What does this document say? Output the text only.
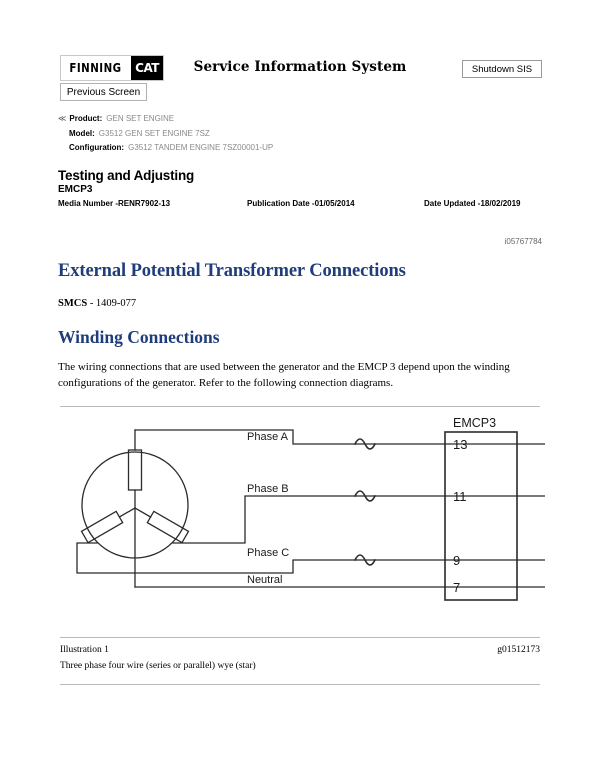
FINNING	CAT
Previous Screen
Service Information System	Shutdown SIS
≪ Product: GEN SET ENGINE
Model: G3512 GEN SET ENGINE 7SZ
Configuration: G3512 TANDEM ENGINE 7SZ00001-UP
Testing and Adjusting
EMCP3
Media Number -RENR7902-13	Publication Date -01/05/2014	Date Updated -18/02/2019
i05767784
External Potential Transformer Connections
SMCS - 1409-077
Winding Connections
The wiring connections that are used between the generator and the EMCP 3 depend upon the winding configurations of the generator. Refer to the following connection diagrams.
Phase A
Phase B
Phase C
Neutral
EMCP3
13
11
9
7
Illustration 1	g01512173
Three phase four wire (series or parallel) wye (star)
